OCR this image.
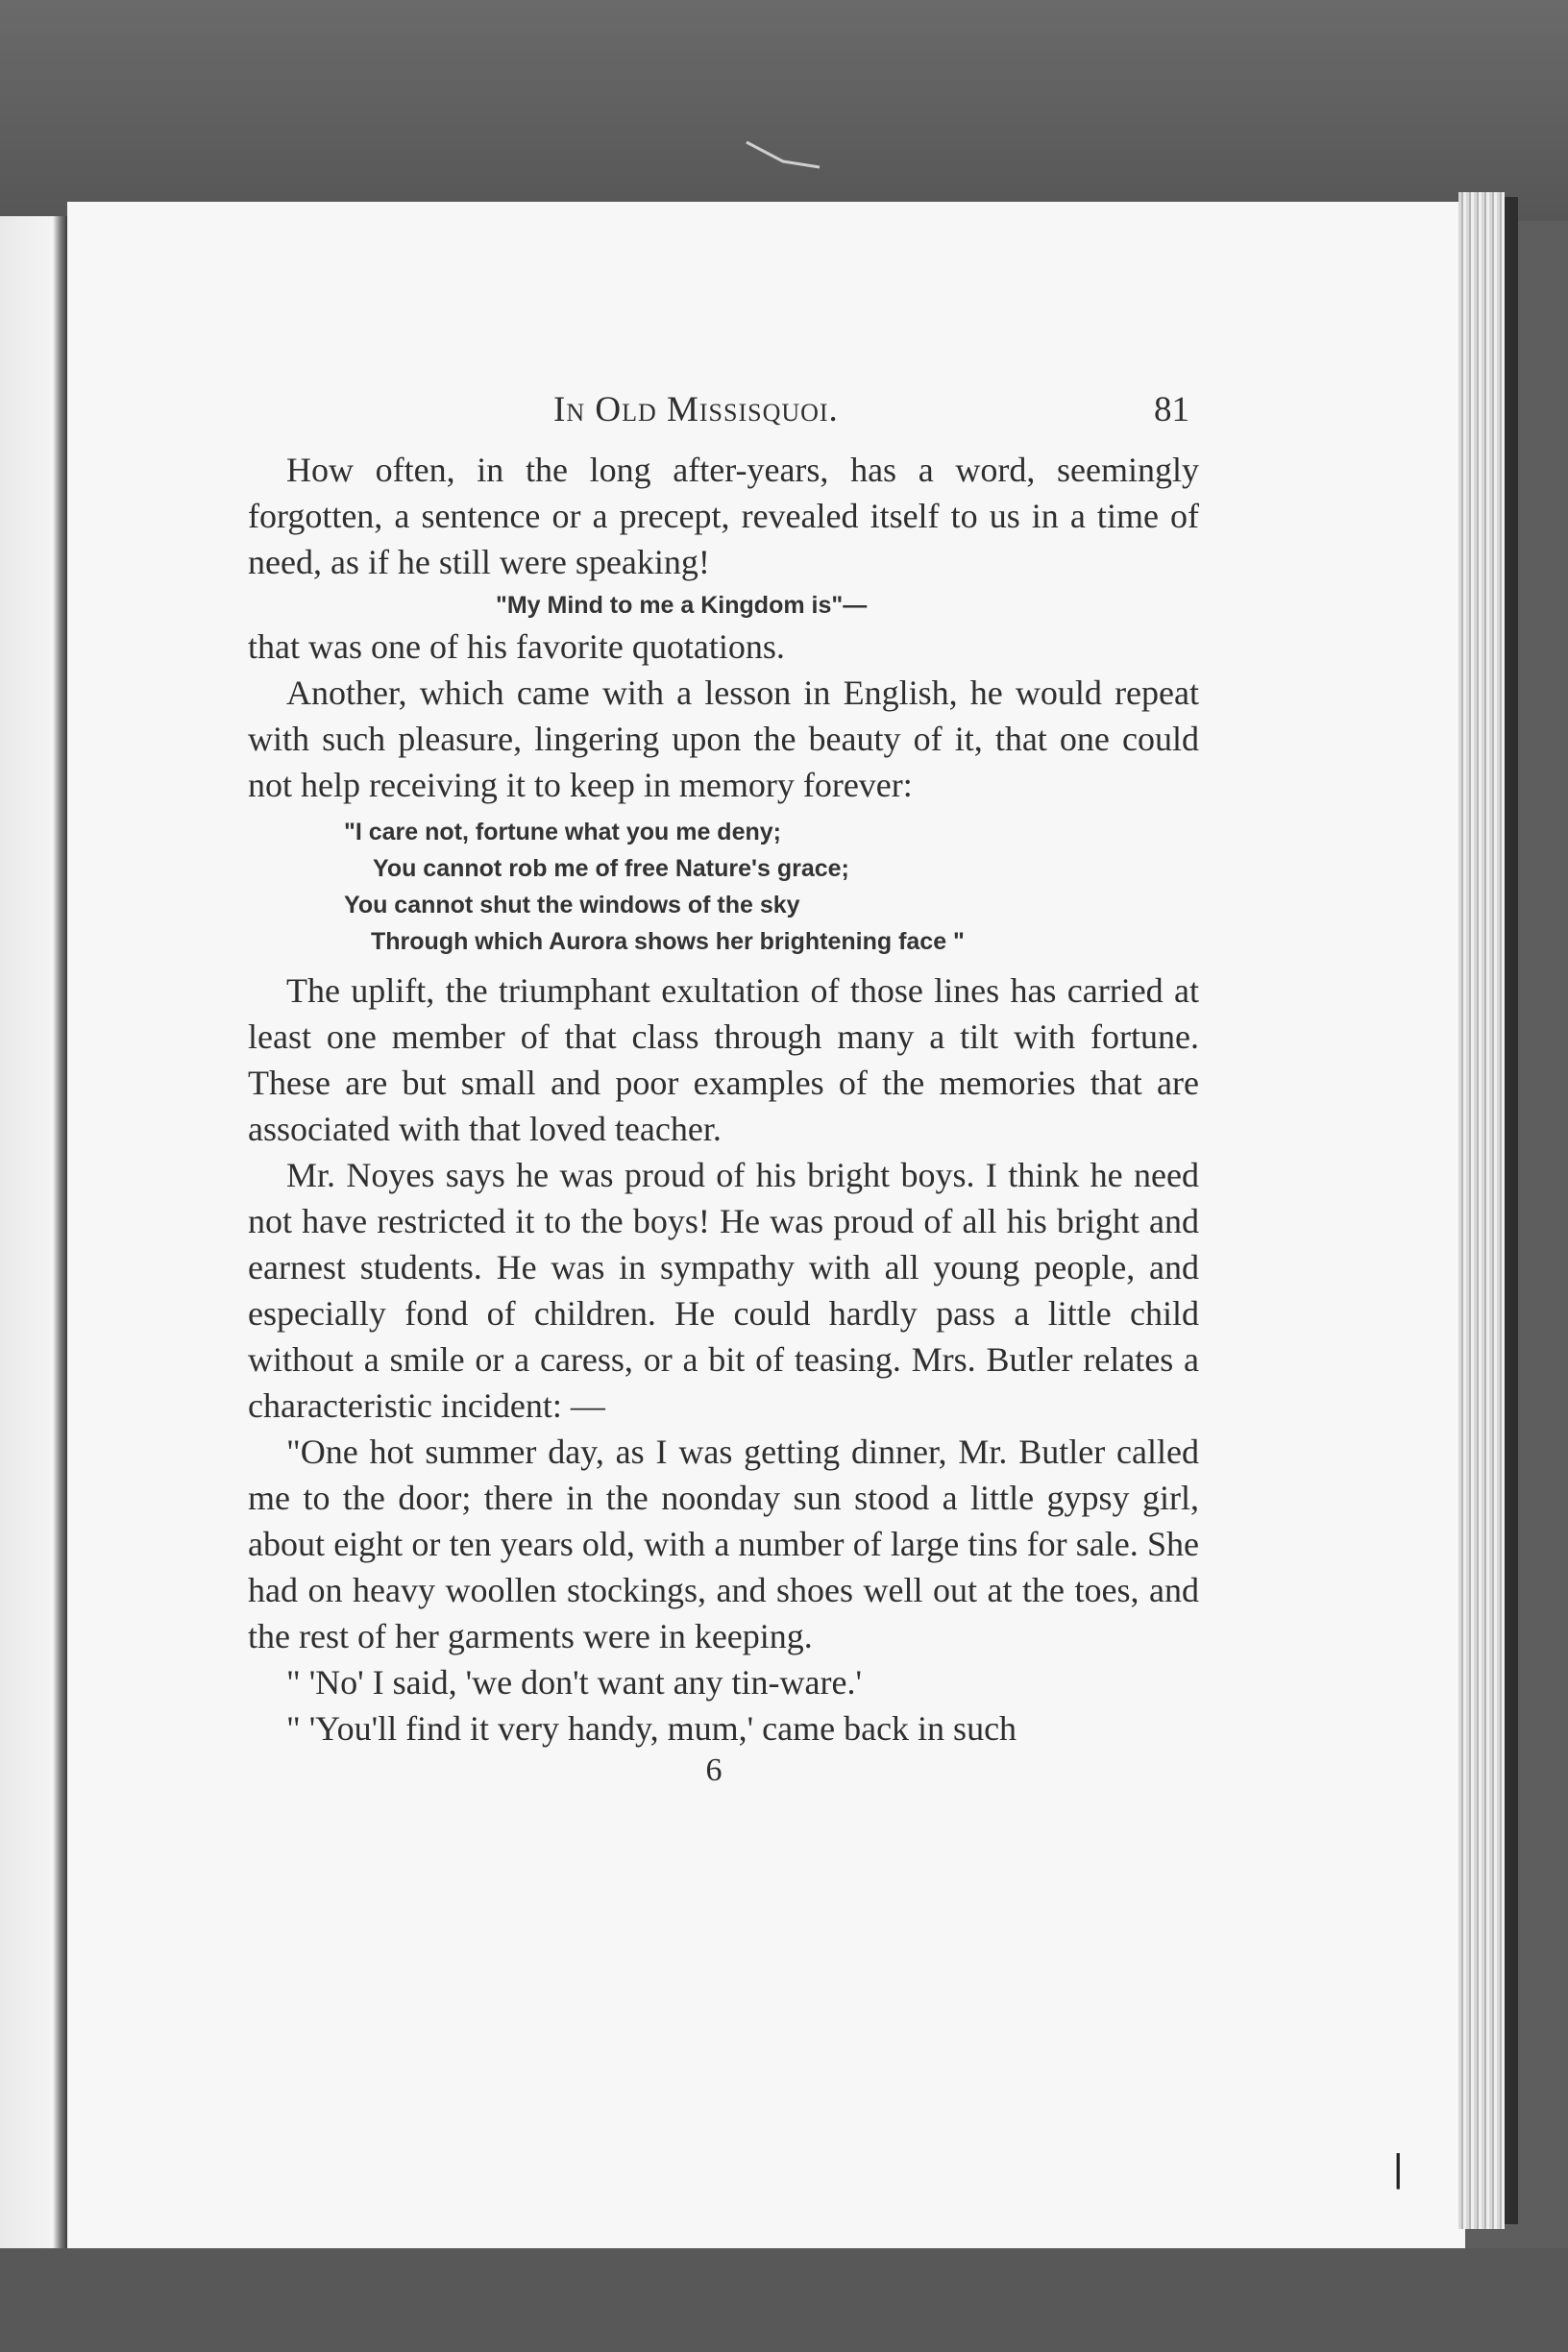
In Old Missisquoi.	81

How often, in the long after-years, has a word, seemingly forgotten, a sentence or a precept, revealed itself to us in a time of need, as if he still were speaking!

"My Mind to me a Kingdom is"—

that was one of his favorite quotations.

Another, which came with a lesson in English, he would repeat with such pleasure, lingering upon the beauty of it, that one could not help receiving it to keep in memory forever:

"I care not, fortune what you me deny;

You cannot rob me of free Nature's grace;

You cannot shut the windows of the sky

Through which Aurora shows her brightening face "

The uplift, the triumphant exultation of those lines has carried at least one member of that class through many a tilt with fortune. These are but small and poor examples of the memories that are associated with that loved teacher.

Mr. Noyes says he was proud of his bright boys. I think he need not have restricted it to the boys! He was proud of all his bright and earnest students. He was in sympathy with all young people, and especially fond of children. He could hardly pass a little child without a smile or a caress, or a bit of teasing. Mrs. Butler relates a characteristic incident: —

"One hot summer day, as I was getting dinner, Mr. Butler called me to the door; there in the noonday sun stood a little gypsy girl, about eight or ten years old, with a number of large tins for sale. She had on heavy woollen stockings, and shoes well out at the toes, and the rest of her garments were in keeping.

" 'No' I said, 'we don't want any tin-ware.'

" 'You'll find it very handy, mum,' came back in such

6

|
